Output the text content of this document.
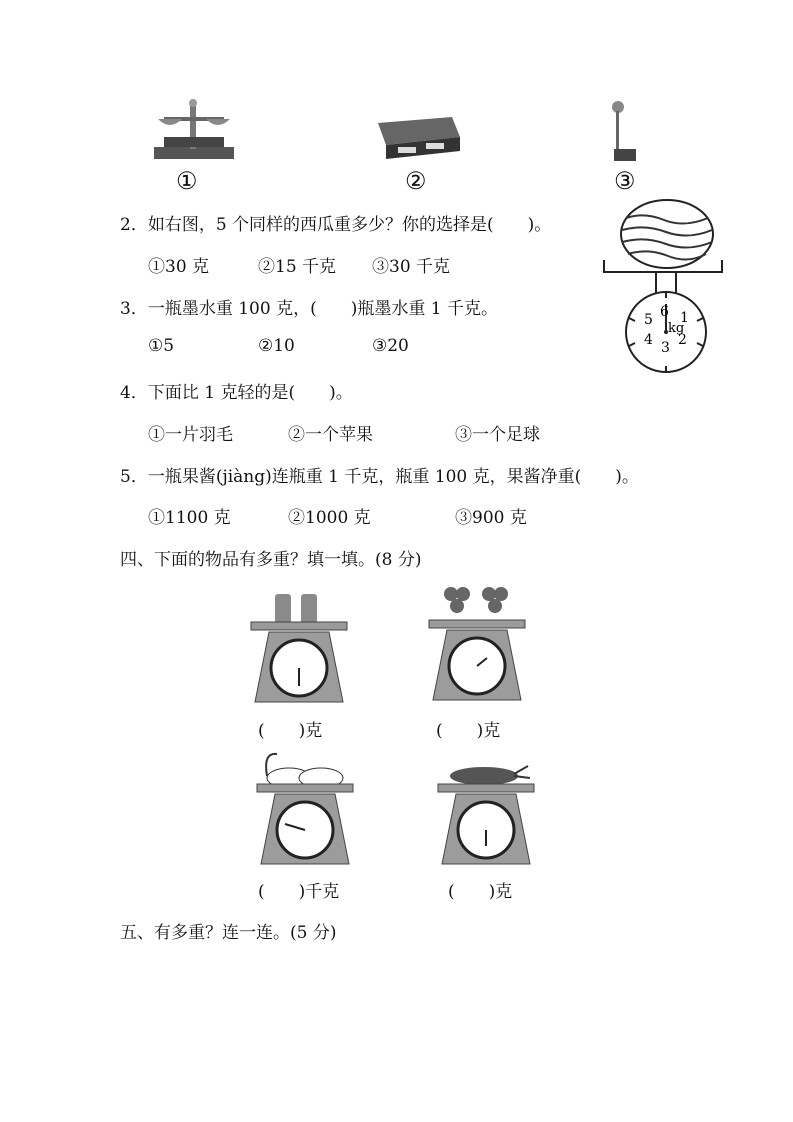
①	②	③
2．如右图，5 个同样的西瓜重多少？你的选择是(　　)。
①30 克	②15 千克 ③30 千克
6 1
2
3
4
5
kg
3．一瓶墨水重 100 克，(　　)瓶墨水重 1 千克。
①5	②10	③20
4．下面比 1 克轻的是(　　)。
①一片羽毛	②一个苹果	③一个足球
5．一瓶果酱(jiàng)连瓶重 1 千克，瓶重 100 克，果酱净重(　　)。
①1100 克	②1000 克	③900 克
四、下面的物品有多重？填一填。(8 分)
(　　)克	(　　)克
(　　)千克	(　　)克
五、有多重？连一连。(5 分)
